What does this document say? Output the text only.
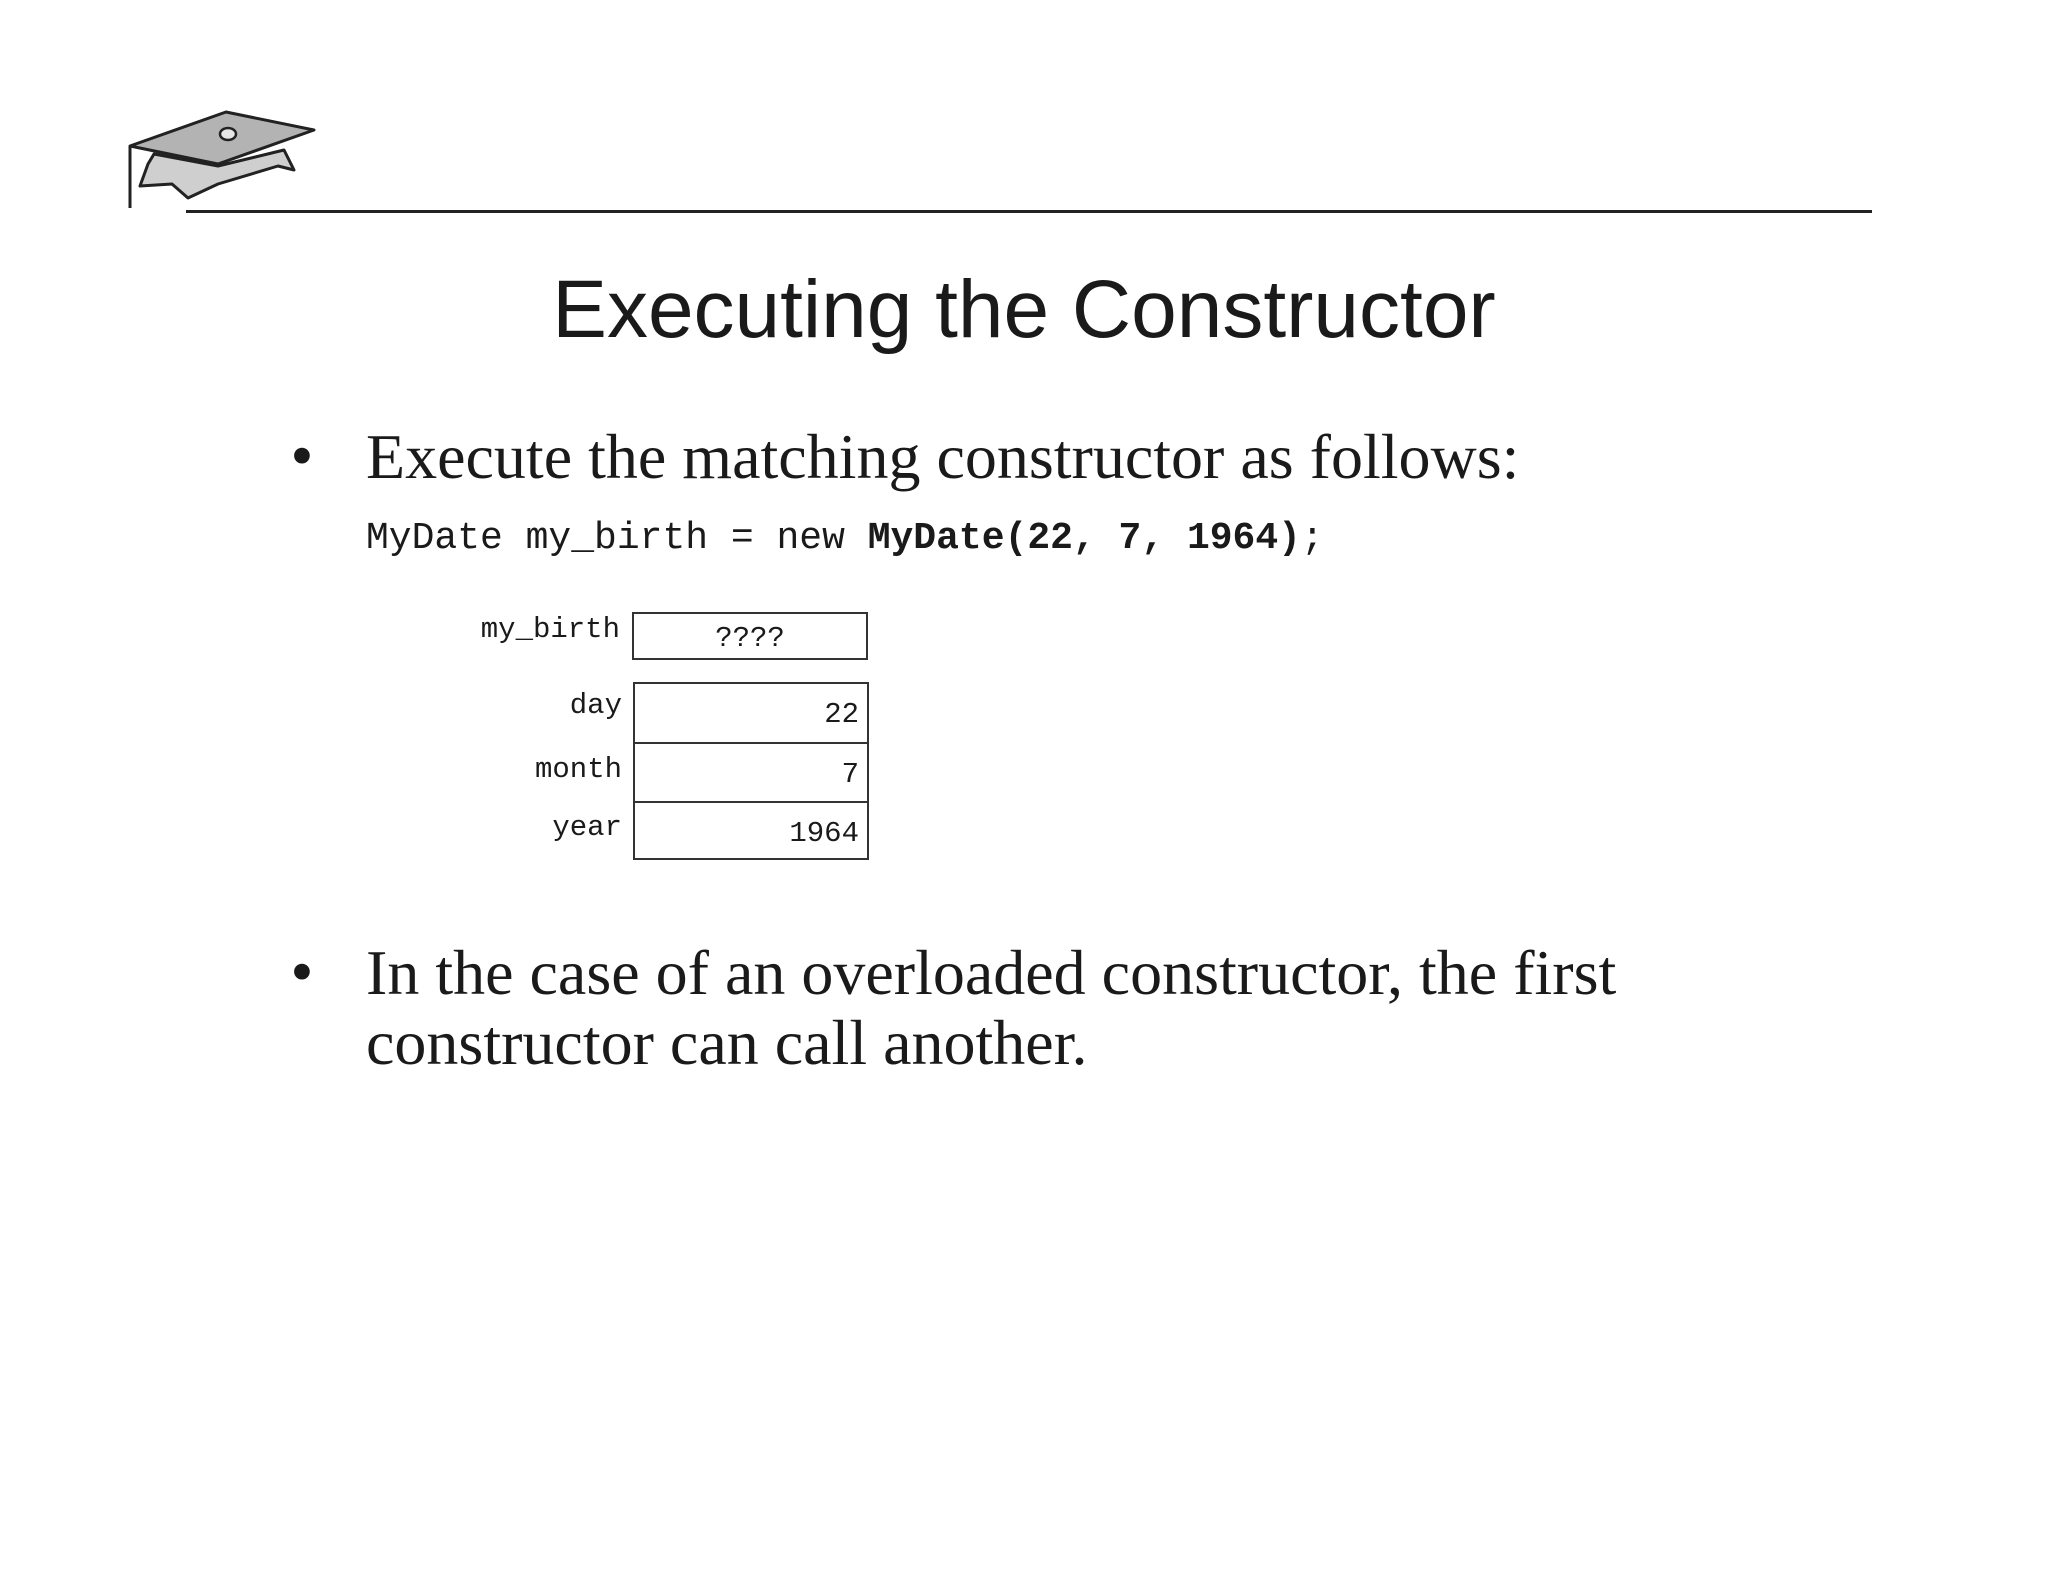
Executing the Constructor
• Execute the matching constructor as follows:
MyDate my_birth = new MyDate(22, 7, 1964);
my_birth	????
day
month
year
22
7
1964
• In the case of an overloaded constructor, the first
constructor can call another.
